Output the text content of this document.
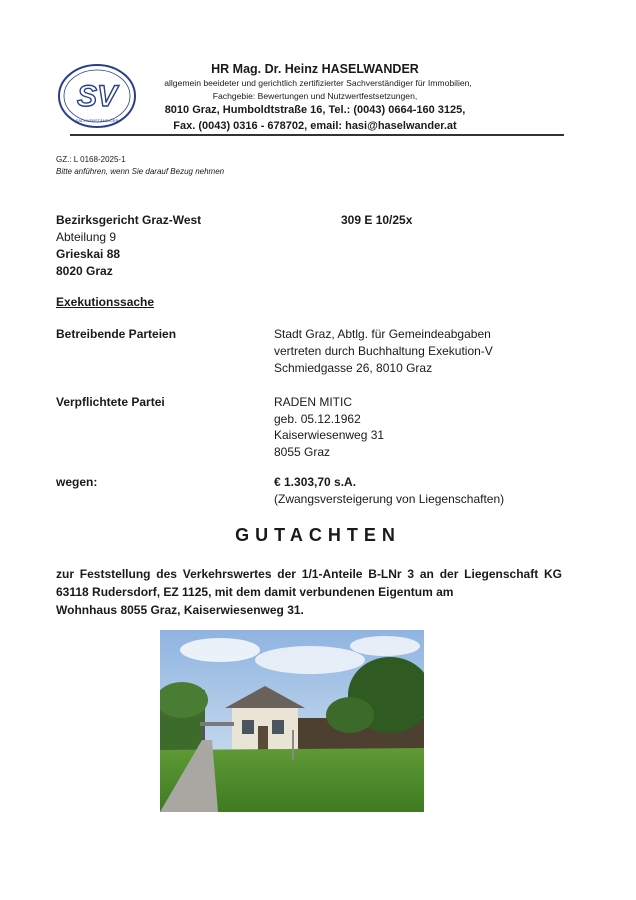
SV
SACHVERSTÄNDIGER
HR Mag. Dr. Heinz HASELWANDER
allgemein beeideter und gerichtlich zertifizierter Sachverständiger für Immobilien,
Fachgebie: Bewertungen und Nutzwertfestsetzungen,
8010 Graz, Humboldtstraße 16, Tel.: (0043) 0664-160 3125,
Fax. (0043) 0316 - 678702, email: hasi@haselwander.at
GZ.: L 0168-2025-1
Bitte anführen, wenn Sie darauf Bezug nehmen
Bezirksgericht Graz-West
Abteilung 9
Grieskai 88
8020 Graz
309 E 10/25x
Exekutionssache
Betreibende Parteien	Stadt Graz, Abtlg. für Gemeindeabgaben
vertreten durch Buchhaltung Exekution-V
Schmiedgasse 26, 8010 Graz
Verpflichtete Partei	RADEN MITIC
geb. 05.12.1962
Kaiserwiesenweg 31
8055 Graz
wegen:	€ 1.303,70 s.A.
(Zwangsversteigerung von Liegenschaften)
GUTACHTEN
zur Feststellung des Verkehrswertes der 1/1-Anteile B-LNr 3 an der Liegenschaft KG 63118 Rudersdorf, EZ 1125, mit dem damit verbundenen Eigentum am
Wohnhaus 8055 Graz, Kaiserwiesenweg 31.
